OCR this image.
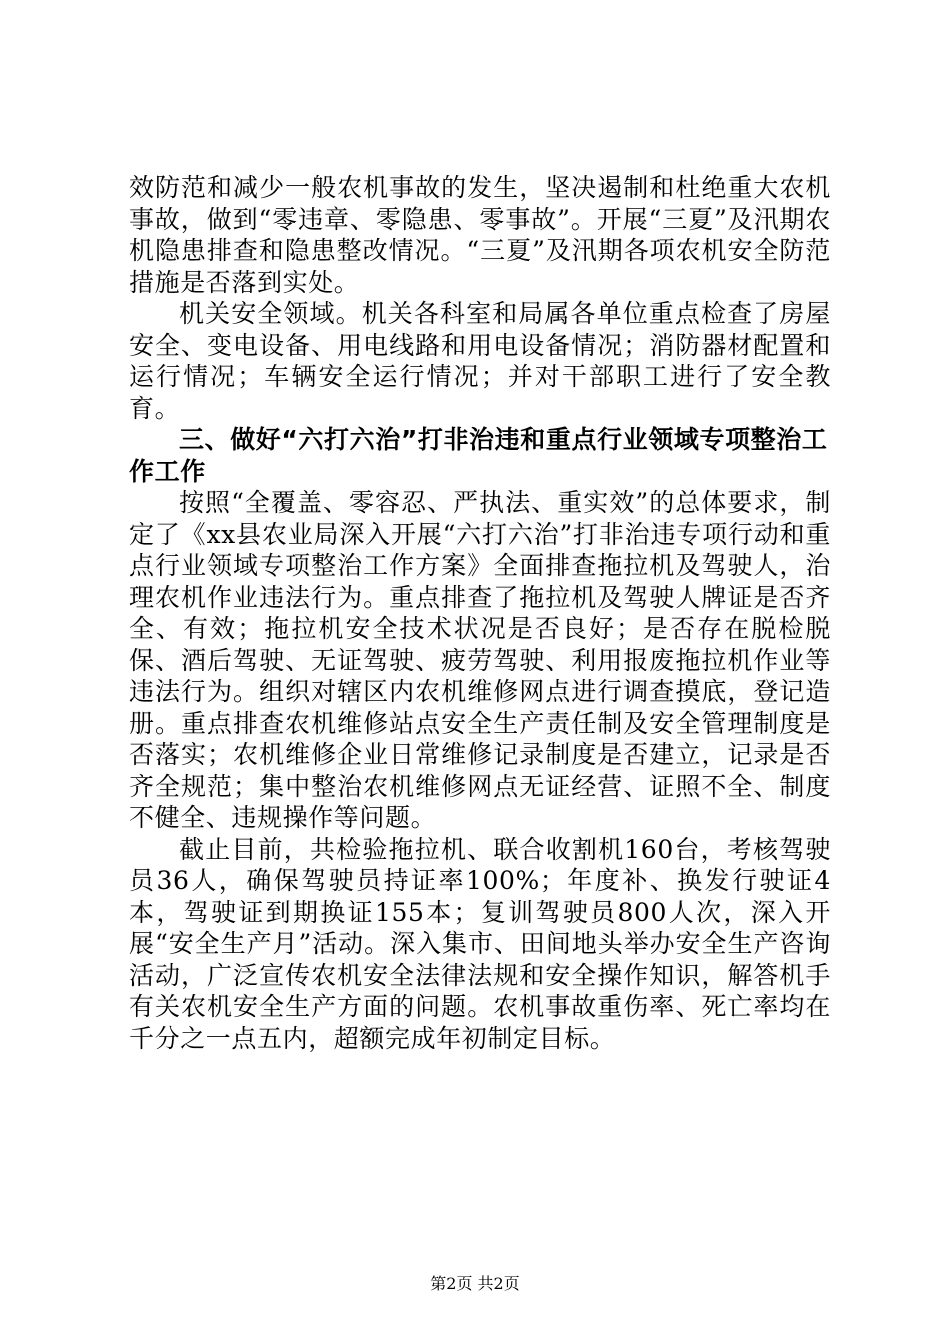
效防范和减少一般农机事故的发生，坚决遏制和杜绝重大农机事故，做到“零违章、零隐患、零事故”。开展“三夏”及汛期农机隐患排查和隐患整改情况。“三夏”及汛期各项农机安全防范措施是否落到实处。

机关安全领域。机关各科室和局属各单位重点检查了房屋安全、变电设备、用电线路和用电设备情况；消防器材配置和运行情况；车辆安全运行情况；并对干部职工进行了安全教育。

三、做好“六打六治”打非治违和重点行业领域专项整治工作工作

按照“全覆盖、零容忍、严执法、重实效”的总体要求，制定了《xx县农业局深入开展“六打六治”打非治违专项行动和重点行业领域专项整治工作方案》全面排查拖拉机及驾驶人，治理农机作业违法行为。重点排查了拖拉机及驾驶人牌证是否齐全、有效；拖拉机安全技术状况是否良好；是否存在脱检脱保、酒后驾驶、无证驾驶、疲劳驾驶、利用报废拖拉机作业等违法行为。组织对辖区内农机维修网点进行调查摸底，登记造册。重点排查农机维修站点安全生产责任制及安全管理制度是否落实；农机维修企业日常维修记录制度是否建立，记录是否齐全规范；集中整治农机维修网点无证经营、证照不全、制度不健全、违规操作等问题。

截止目前，共检验拖拉机、联合收割机160台，考核驾驶员36人，确保驾驶员持证率100%；年度补、换发行驶证4本，驾驶证到期换证155本；复训驾驶员800人次，深入开展“安全生产月”活动。深入集市、田间地头举办安全生产咨询活动，广泛宣传农机安全法律法规和安全操作知识，解答机手有关农机安全生产方面的问题。农机事故重伤率、死亡率均在千分之一点五内，超额完成年初制定目标。

第2页 共2页
